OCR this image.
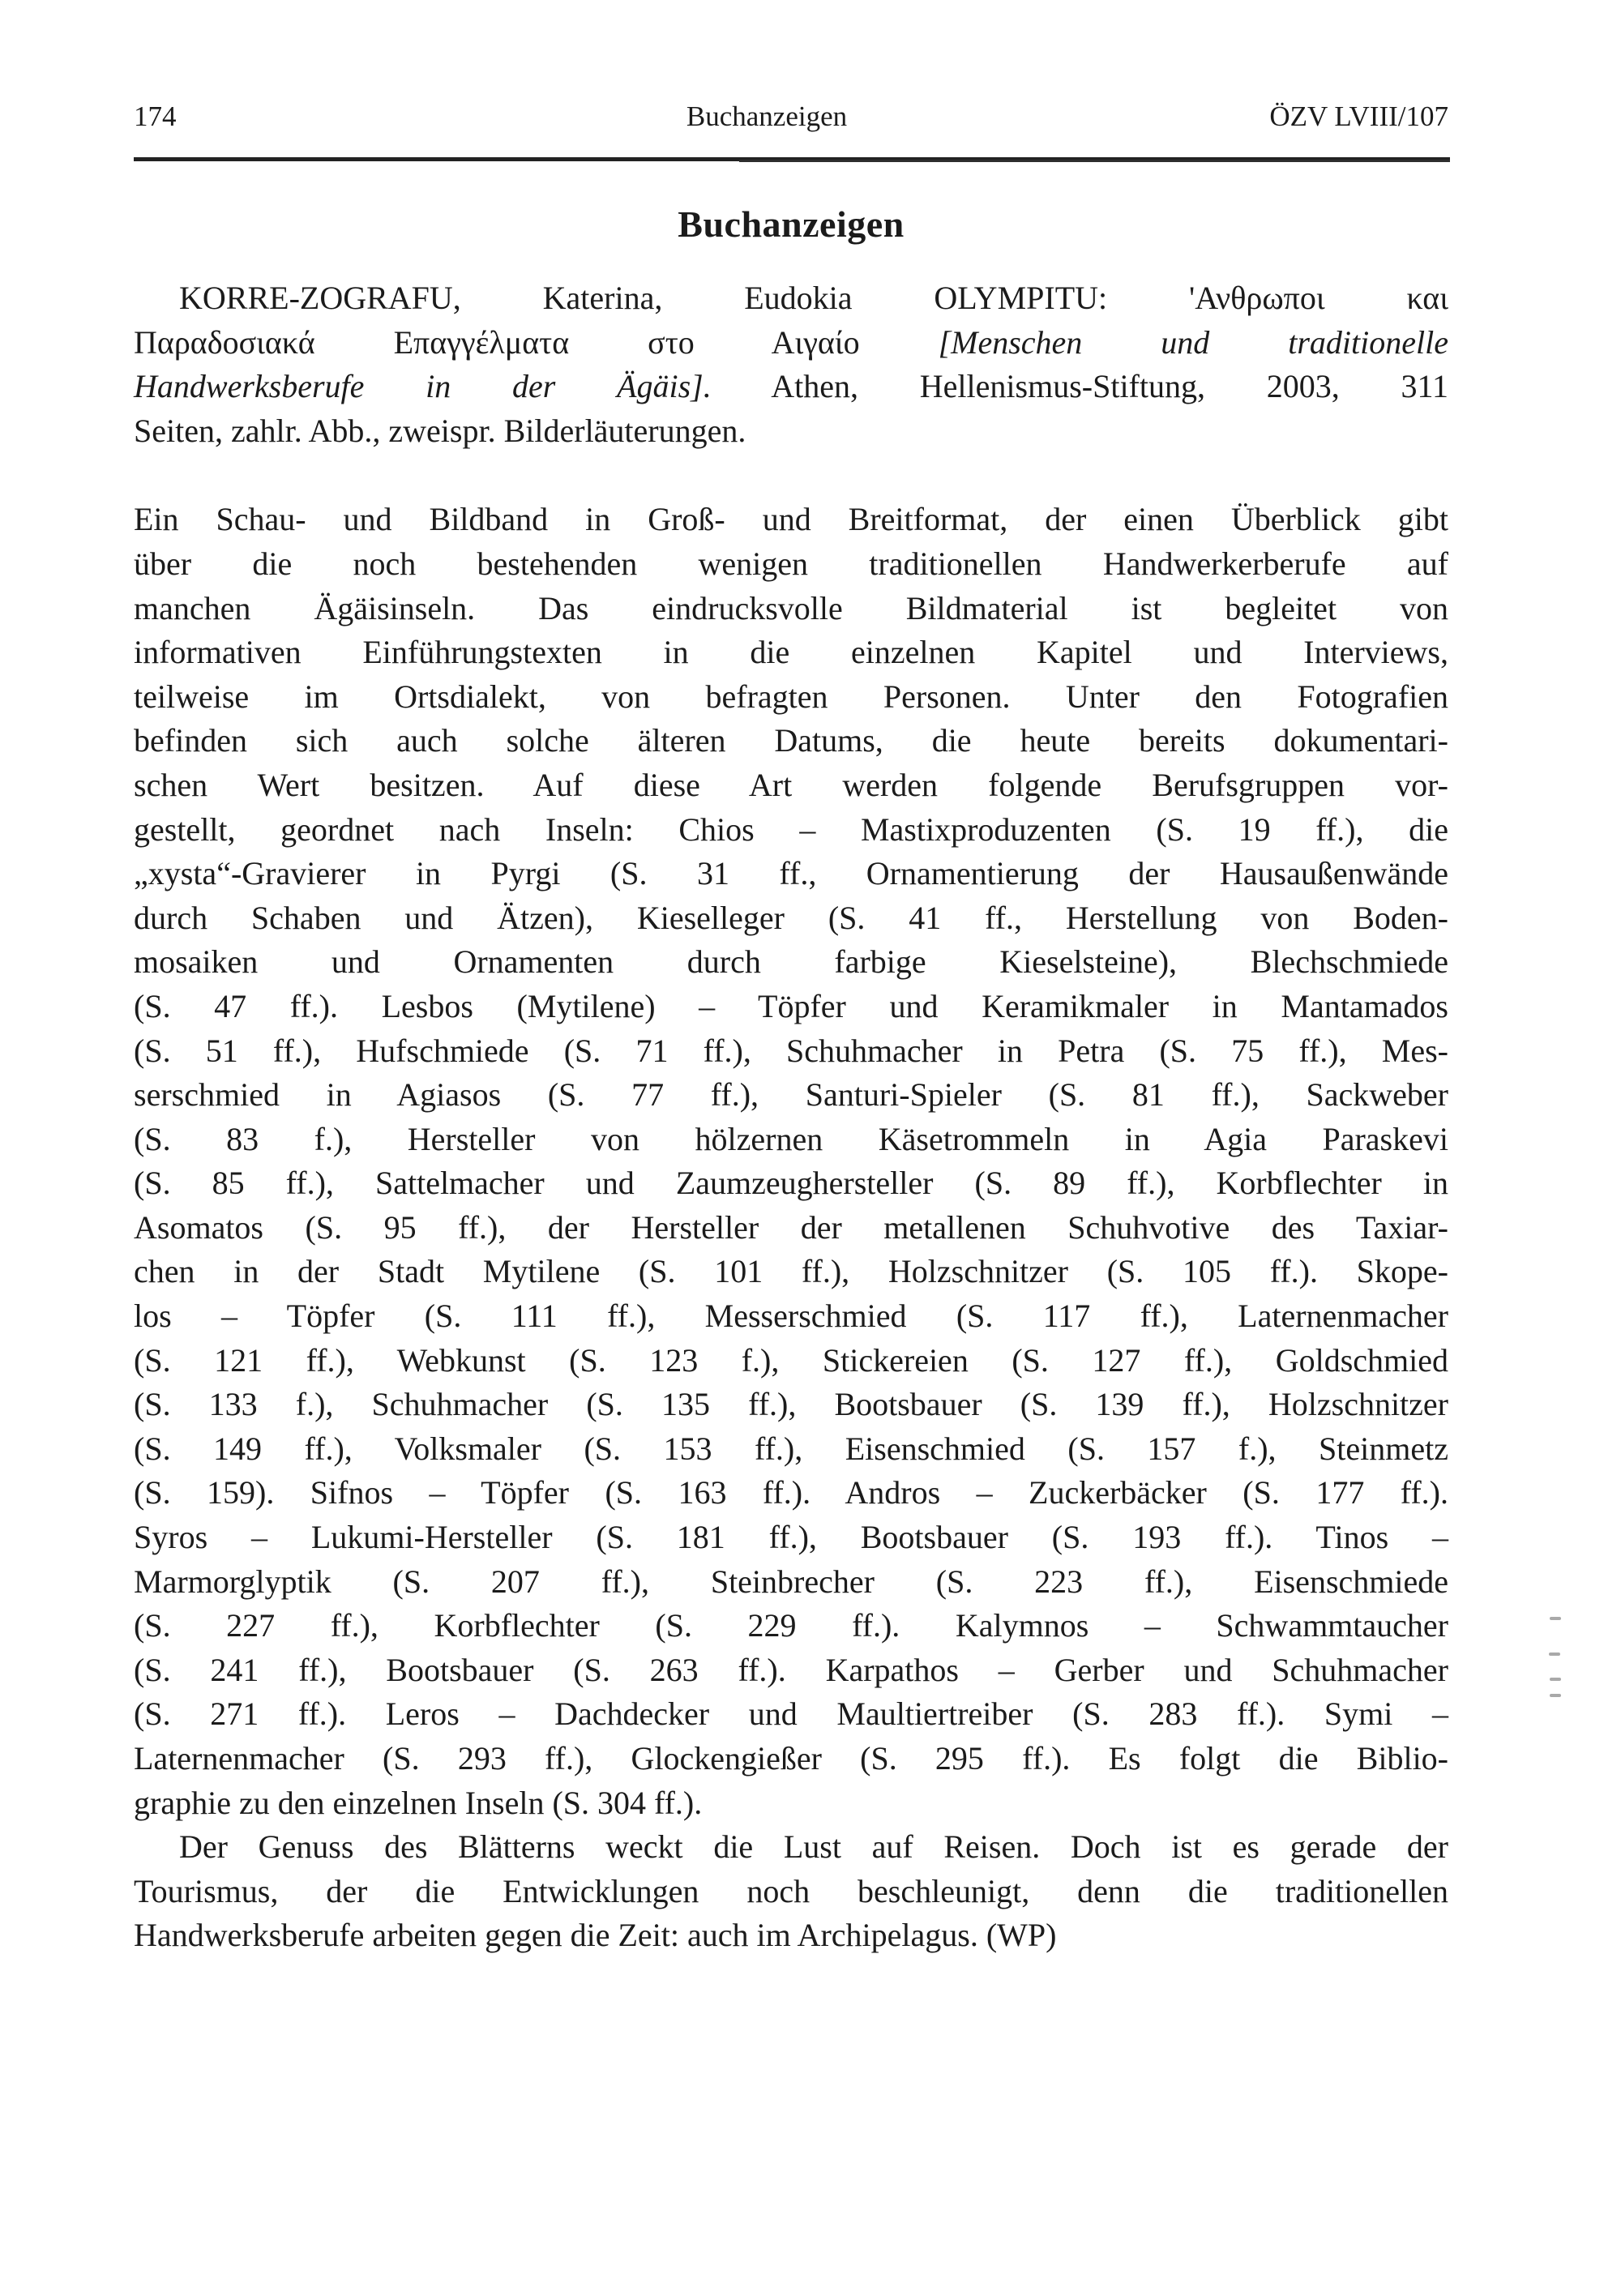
174	Buchanzeigen	ÖZV LVIII/107
Buchanzeigen
KORRE-ZOGRAFU, Katerina, Eudokia OLYMPITU: 'Ανθρωποι και
Παραδοσιακά Επαγγέλματα στο Αιγαίο [Menschen und traditionelle
Handwerksberufe in der Ägäis]. Athen, Hellenismus-Stiftung, 2003, 311
Seiten, zahlr. Abb., zweispr. Bilderläuterungen.
Ein Schau- und Bildband in Groß- und Breitformat, der einen Überblick gibt
über die noch bestehenden wenigen traditionellen Handwerkerberufe auf
manchen Ägäisinseln. Das eindrucksvolle Bildmaterial ist begleitet von
informativen Einführungstexten in die einzelnen Kapitel und Interviews,
teilweise im Ortsdialekt, von befragten Personen. Unter den Fotografien
befinden sich auch solche älteren Datums, die heute bereits dokumentari-
schen Wert besitzen. Auf diese Art werden folgende Berufsgruppen vor-
gestellt, geordnet nach Inseln: Chios – Mastixproduzenten (S. 19 ff.), die
„xysta“-Gravierer in Pyrgi (S. 31 ff., Ornamentierung der Hausaußenwände
durch Schaben und Ätzen), Kieselleger (S. 41 ff., Herstellung von Boden-
mosaiken und Ornamenten durch farbige Kieselsteine), Blechschmiede
(S. 47 ff.). Lesbos (Mytilene) – Töpfer und Keramikmaler in Mantamados
(S. 51 ff.), Hufschmiede (S. 71 ff.), Schuhmacher in Petra (S. 75 ff.), Mes-
serschmied in Agiasos (S. 77 ff.), Santuri-Spieler (S. 81 ff.), Sackweber
(S. 83 f.), Hersteller von hölzernen Käsetrommeln in Agia Paraskevi
(S. 85 ff.), Sattelmacher und Zaumzeughersteller (S. 89 ff.), Korbflechter in
Asomatos (S. 95 ff.), der Hersteller der metallenen Schuhvotive des Taxiar-
chen in der Stadt Mytilene (S. 101 ff.), Holzschnitzer (S. 105 ff.). Skope-
los – Töpfer (S. 111 ff.), Messerschmied (S. 117 ff.), Laternenmacher
(S. 121 ff.), Webkunst (S. 123 f.), Stickereien (S. 127 ff.), Goldschmied
(S. 133 f.), Schuhmacher (S. 135 ff.), Bootsbauer (S. 139 ff.), Holzschnitzer
(S. 149 ff.), Volksmaler (S. 153 ff.), Eisenschmied (S. 157 f.), Steinmetz
(S. 159). Sifnos – Töpfer (S. 163 ff.). Andros – Zuckerbäcker (S. 177 ff.).
Syros – Lukumi-Hersteller (S. 181 ff.), Bootsbauer (S. 193 ff.). Tinos –
Marmorglyptik (S. 207 ff.), Steinbrecher (S. 223 ff.), Eisenschmiede
(S. 227 ff.), Korbflechter (S. 229 ff.). Kalymnos – Schwammtaucher
(S. 241 ff.), Bootsbauer (S. 263 ff.). Karpathos – Gerber und Schuhmacher
(S. 271 ff.). Leros – Dachdecker und Maultiertreiber (S. 283 ff.). Symi –
Laternenmacher (S. 293 ff.), Glockengießer (S. 295 ff.). Es folgt die Biblio-
graphie zu den einzelnen Inseln (S. 304 ff.).
Der Genuss des Blätterns weckt die Lust auf Reisen. Doch ist es gerade der
Tourismus, der die Entwicklungen noch beschleunigt, denn die traditionellen
Handwerksberufe arbeiten gegen die Zeit: auch im Archipelagus. (WP)
